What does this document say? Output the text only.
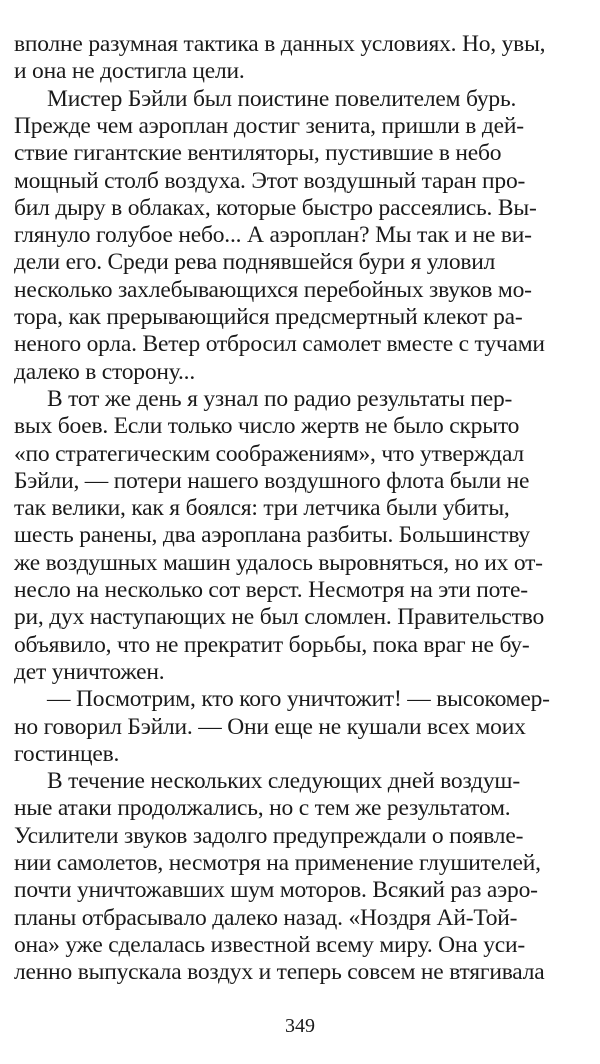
вполне разумная тактика в данных условиях. Но, увы,
и она не достигла цели.
Мистер Бэйли был поистине повелителем бурь.
Прежде чем аэроплан достиг зенита, пришли в дей-
ствие гигантские вентиляторы, пустившие в небо
мощный столб воздуха. Этот воздушный таран про-
бил дыру в облаках, которые быстро рассеялись. Вы-
глянуло голубое небо... А аэроплан? Мы так и не ви-
дели его. Среди рева поднявшейся бури я уловил
несколько захлебывающихся перебойных звуков мо-
тора, как прерывающийся предсмертный клекот ра-
неного орла. Ветер отбросил самолет вместе с тучами
далеко в сторону...
В тот же день я узнал по радио результаты пер-
вых боев. Если только число жертв не было скрыто
«по стратегическим соображениям», что утверждал
Бэйли, — потери нашего воздушного флота были не
так велики, как я боялся: три летчика были убиты,
шесть ранены, два аэроплана разбиты. Большинству
же воздушных машин удалось выровняться, но их от-
несло на несколько сот верст. Несмотря на эти поте-
ри, дух наступающих не был сломлен. Правительство
объявило, что не прекратит борьбы, пока враг не бу-
дет уничтожен.
— Посмотрим, кто кого уничтожит! — высокомер-
но говорил Бэйли. — Они еще не кушали всех моих
гостинцев.
В течение нескольких следующих дней воздуш-
ные атаки продолжались, но с тем же результатом.
Усилители звуков задолго предупреждали о появле-
нии самолетов, несмотря на применение глушителей,
почти уничтожавших шум моторов. Всякий раз аэро-
планы отбрасывало далеко назад. «Ноздря Ай-Той-
она» уже сделалась известной всему миру. Она уси-
ленно выпускала воздух и теперь совсем не втягивала
349
